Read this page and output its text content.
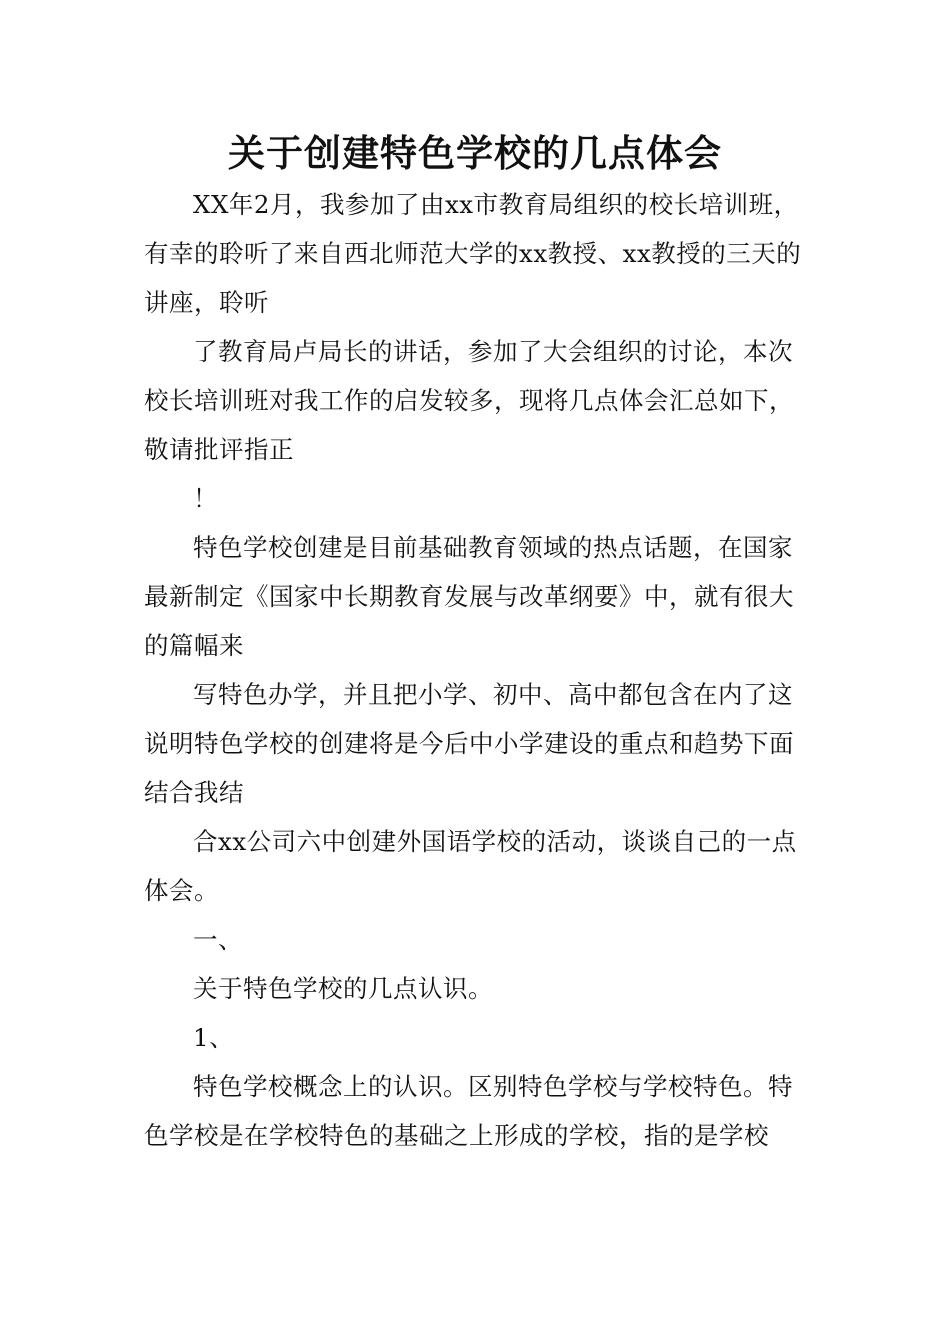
关于创建特色学校的几点体会

XX年2月，我参加了由xx市教育局组织的校长培训班，有幸的聆听了来自西北师范大学的xx教授、xx教授的三天的讲座，聆听

了教育局卢局长的讲话，参加了大会组织的讨论，本次校长培训班对我工作的启发较多，现将几点体会汇总如下，敬请批评指正

！

特色学校创建是目前基础教育领域的热点话题，在国家最新制定《国家中长期教育发展与改革纲要》中，就有很大的篇幅来

写特色办学，并且把小学、初中、高中都包含在内了这说明特色学校的创建将是今后中小学建设的重点和趋势下面结合我结

合xx公司六中创建外国语学校的活动，谈谈自己的一点体会。

一、

关于特色学校的几点认识。

1、

特色学校概念上的认识。区别特色学校与学校特色。特色学校是在学校特色的基础之上形成的学校，指的是学校
